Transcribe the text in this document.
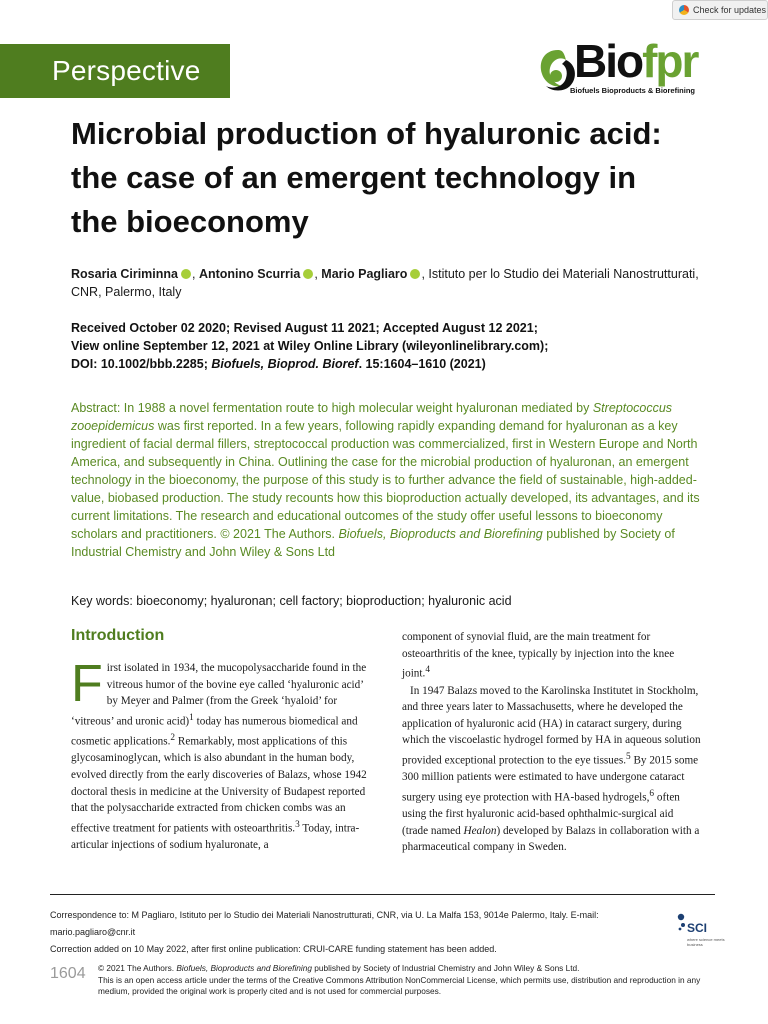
Check for updates
Perspective	Biofpr
Biofuels Bioproducts & Biorefining
Microbial production of hyaluronic acid: the case of an emergent technology in the bioeconomy
Rosaria Ciriminna , Antonino Scurria , Mario Pagliaro , Istituto per lo Studio dei Materiali Nanostrutturati, CNR, Palermo, Italy
Received October 02 2020; Revised August 11 2021; Accepted August 12 2021;
View online September 12, 2021 at Wiley Online Library (wileyonlinelibrary.com);
DOI: 10.1002/bbb.2285; Biofuels, Bioprod. Bioref. 15:1604–1610 (2021)
Abstract: In 1988 a novel fermentation route to high molecular weight hyaluronan mediated by Streptococcus zooepidemicus was first reported. In a few years, following rapidly expanding demand for hyaluronan as a key ingredient of facial dermal fillers, streptococcal production was commercialized, first in Western Europe and North America, and subsequently in China. Outlining the case for the microbial production of hyaluronan, an emergent technology in the bioeconomy, the purpose of this study is to further advance the field of sustainable, high-added-value, biobased production. The study recounts how this bioproduction actually developed, its advantages, and its current limitations. The research and educational outcomes of the study offer useful lessons to bioeconomy scholars and practitioners. © 2021 The Authors. Biofuels, Bioproducts and Biorefining published by Society of Industrial Chemistry and John Wiley & Sons Ltd
Key words: bioeconomy; hyaluronan; cell factory; bioproduction; hyaluronic acid
Introduction

First isolated in 1934, the mucopolysaccharide found in the vitreous humor of the bovine eye called ‘hyaluronic acid’ by Meyer and Palmer (from the Greek ‘hyaloid’ for ‘vitreous’ and uronic acid)$^1$ today has numerous biomedical and cosmetic applications.$^2$ Remarkably, most applications of this glycosaminoglycan, which is also abundant in the human body, evolved directly from the early discoveries of Balazs, whose 1942 doctoral thesis in medicine at the University of Budapest reported that the polysaccharide extracted from chicken combs was an effective treatment for patients with osteoarthritis.$^3$ Today, intra-articular injections of sodium hyaluronate, a

component of synovial fluid, are the main treatment for osteoarthritis of the knee, typically by injection into the knee joint.$^4$

In 1947 Balazs moved to the Karolinska Institutet in Stockholm, and three years later to Massachusetts, where he developed the application of hyaluronic acid (HA) in cataract surgery, during which the viscoelastic hydrogel formed by HA in aqueous solution provided exceptional protection to the eye tissues.$^5$ By 2015 some 300 million patients were estimated to have undergone cataract surgery using eye protection with HA-based hydrogels,$^6$ often using the first hyaluronic acid-based ophthalmic-surgical aid (trade named Healon) developed by Balazs in collaboration with a pharmaceutical company in Sweden.

Correspondence to: M Pagliaro, Istituto per lo Studio dei Materiali Nanostrutturati, CNR, via U. La Malfa 153, 9014e Palermo, Italy. E-mail: mario.pagliaro@cnr.it
Correction added on 10 May 2022, after first online publication: CRUI-CARE funding statement has been added.
SCI
where science meets business
1604 © 2021 The Authors. Biofuels, Bioproducts and Biorefining published by Society of Industrial Chemistry and John Wiley & Sons Ltd.
This is an open access article under the terms of the Creative Commons Attribution NonCommercial License, which permits use, distribution and reproduction in any medium, provided the original work is properly cited and is not used for commercial purposes.
